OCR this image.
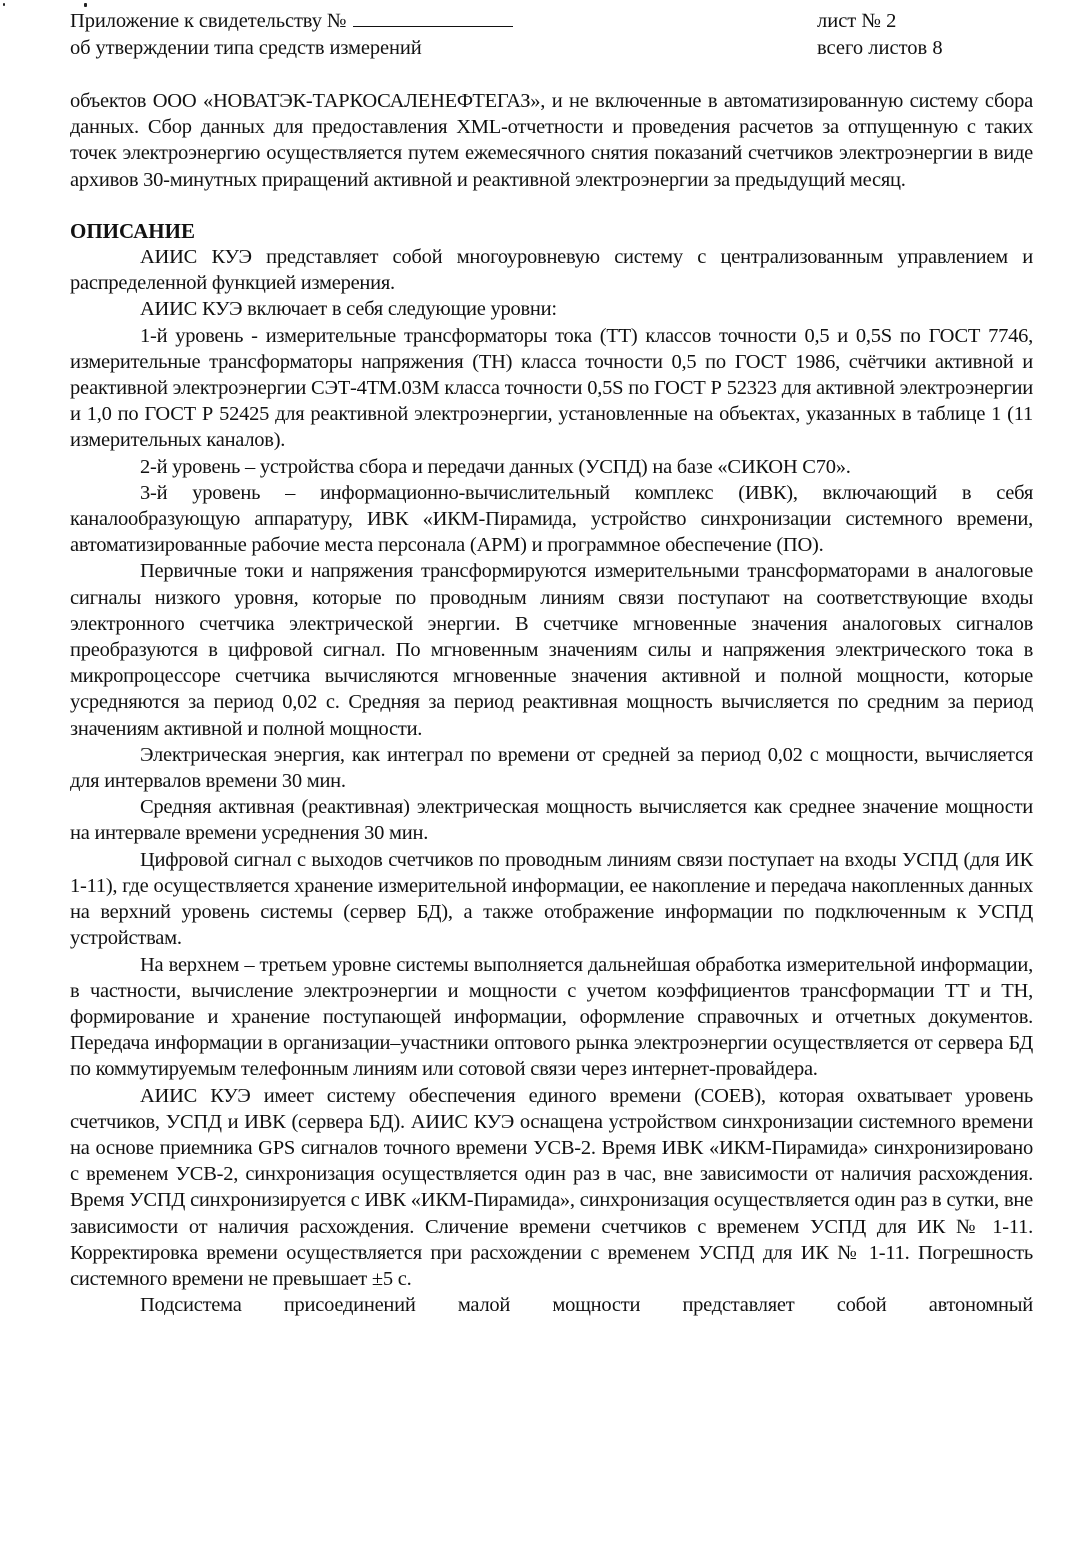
Приложение к свидетельству №
об утверждении типа средств измерений
лист № 2
всего листов 8

объектов ООО «НОВАТЭК-ТАРКОСАЛЕНЕФТЕГАЗ», и не включенные в автоматизированную систему сбора данных. Сбор данных для предоставления XML-отчетности и проведения расчетов за отпущенную с таких точек электроэнергию осуществляется путем ежемесячного снятия показаний счетчиков электроэнергии в виде архивов 30-минутных приращений активной и реактивной электроэнергии за предыдущий месяц.

ОПИСАНИЕ

АИИС КУЭ представляет собой многоуровневую систему с централизованным управлением и распределенной функцией измерения.

АИИС КУЭ включает в себя следующие уровни:

1-й уровень - измерительные трансформаторы тока (ТТ) классов точности 0,5 и 0,5S по ГОСТ 7746, измерительные трансформаторы напряжения (ТН) класса точности 0,5 по ГОСТ 1986, счётчики активной и реактивной электроэнергии СЭТ-4ТМ.03М класса точности 0,5S по ГОСТ Р 52323 для активной электроэнергии и 1,0 по ГОСТ Р 52425 для реактивной электроэнергии, установленные на объектах, указанных в таблице 1 (11 измерительных каналов).

2-й уровень – устройства сбора и передачи данных (УСПД) на базе «СИКОН С70».

3-й уровень – информационно-вычислительный комплекс (ИВК), включающий в себя каналообразующую аппаратуру, ИВК «ИКМ-Пирамида, устройство синхронизации системного времени, автоматизированные рабочие места персонала (АРМ) и программное обеспечение (ПО).

Первичные токи и напряжения трансформируются измерительными трансформаторами в аналоговые сигналы низкого уровня, которые по проводным линиям связи поступают на соответствующие входы электронного счетчика электрической энергии. В счетчике мгновенные значения аналоговых сигналов преобразуются в цифровой сигнал. По мгновенным значениям силы и напряжения электрического тока в микропроцессоре счетчика вычисляются мгновенные значения активной и полной мощности, которые усредняются за период 0,02 с. Средняя за период реактивная мощность вычисляется по средним за период значениям активной и полной мощности.

Электрическая энергия, как интеграл по времени от средней за период 0,02 с мощности, вычисляется для интервалов времени 30 мин.

Средняя активная (реактивная) электрическая мощность вычисляется как среднее значение мощности на интервале времени усреднения 30 мин.

Цифровой сигнал с выходов счетчиков по проводным линиям связи поступает на входы УСПД (для ИК 1-11), где осуществляется хранение измерительной информации, ее накопление и передача накопленных данных на верхний уровень системы (сервер БД), а также отображение информации по подключенным к УСПД устройствам.

На верхнем – третьем уровне системы выполняется дальнейшая обработка измерительной информации, в частности, вычисление электроэнергии и мощности с учетом коэффициентов трансформации ТТ и ТН, формирование и хранение поступающей информации, оформление справочных и отчетных документов. Передача информации в организации–участники оптового рынка электроэнергии осуществляется от сервера БД по коммутируемым телефонным линиям или сотовой связи через интернет-провайдера.

АИИС КУЭ имеет систему обеспечения единого времени (СОЕВ), которая охватывает уровень счетчиков, УСПД и ИВК (сервера БД). АИИС КУЭ оснащена устройством синхронизации системного времени на основе приемника GPS сигналов точного времени УСВ-2. Время ИВК «ИКМ-Пирамида» синхронизировано с временем УСВ-2, синхронизация осуществляется один раз в час, вне зависимости от наличия расхождения. Время УСПД синхронизируется с ИВК «ИКМ-Пирамида», синхронизация осуществляется один раз в сутки, вне зависимости от наличия расхождения. Сличение времени счетчиков с временем УСПД для ИК № 1-11. Корректировка времени осуществляется при расхождении с временем УСПД для ИК № 1-11. Погрешность системного времени не превышает ±5 с.

Подсистема присоединений малой мощности представляет собой автономный
